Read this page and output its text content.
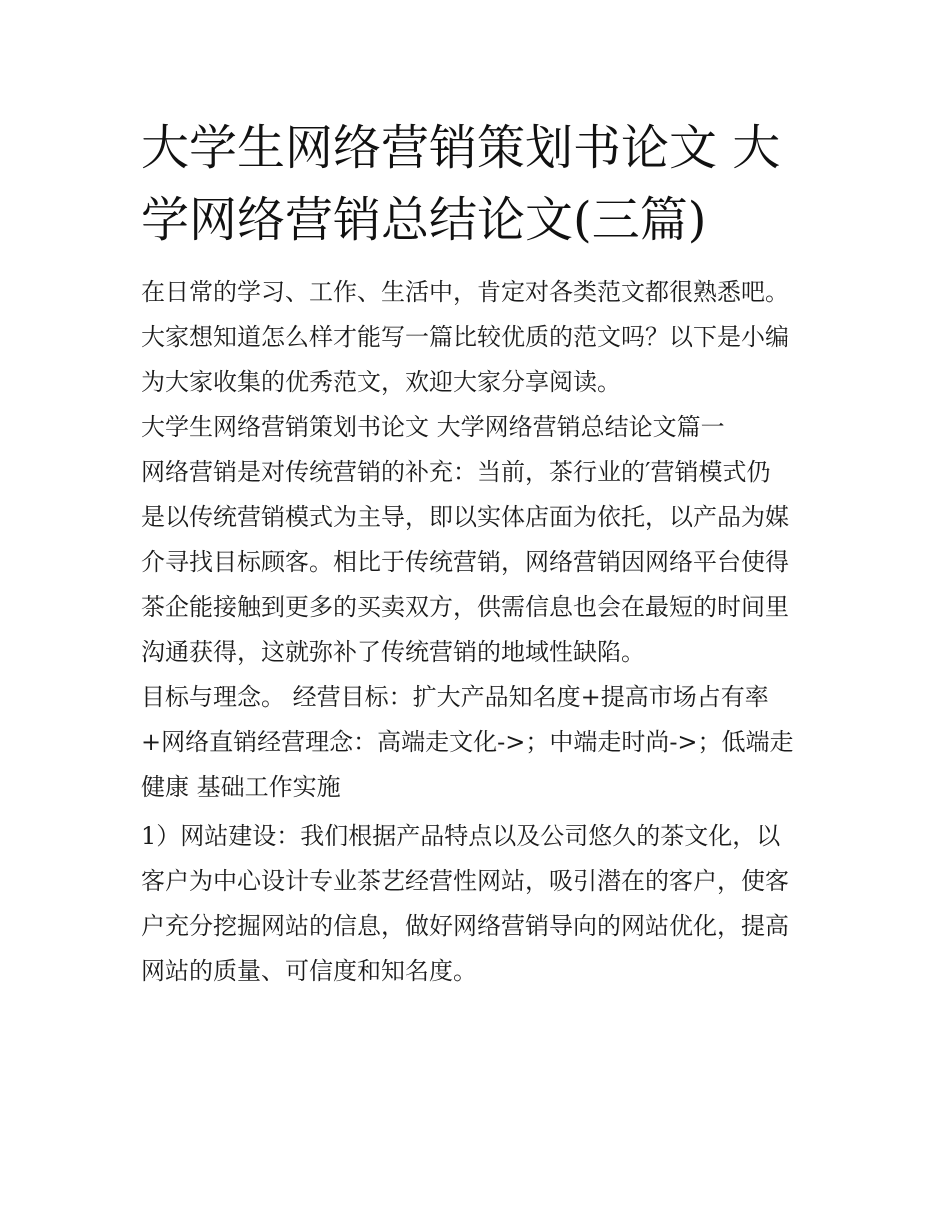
大学生网络营销策划书论文 大
学网络营销总结论文(三篇)

在日常的学习、工作、生活中，肯定对各类范文都很熟悉吧。
大家想知道怎么样才能写一篇比较优质的范文吗？以下是小编
为大家收集的优秀范文，欢迎大家分享阅读。

大学生网络营销策划书论文 大学网络营销总结论文篇一

网络营销是对传统营销的补充：当前，茶行业的′营销模式仍
是以传统营销模式为主导，即以实体店面为依托，以产品为媒
介寻找目标顾客。相比于传统营销，网络营销因网络平台使得
茶企能接触到更多的买卖双方，供需信息也会在最短的时间里
沟通获得，这就弥补了传统营销的地域性缺陷。

目标与理念。 经营目标：扩大产品知名度+提高市场占有率
+网络直销经营理念：高端走文化->；中端走时尚->；低端走
健康 基础工作实施

1）网站建设：我们根据产品特点以及公司悠久的茶文化，以
客户为中心设计专业茶艺经营性网站，吸引潜在的客户，使客
户充分挖掘网站的信息，做好网络营销导向的网站优化，提高
网站的质量、可信度和知名度。
